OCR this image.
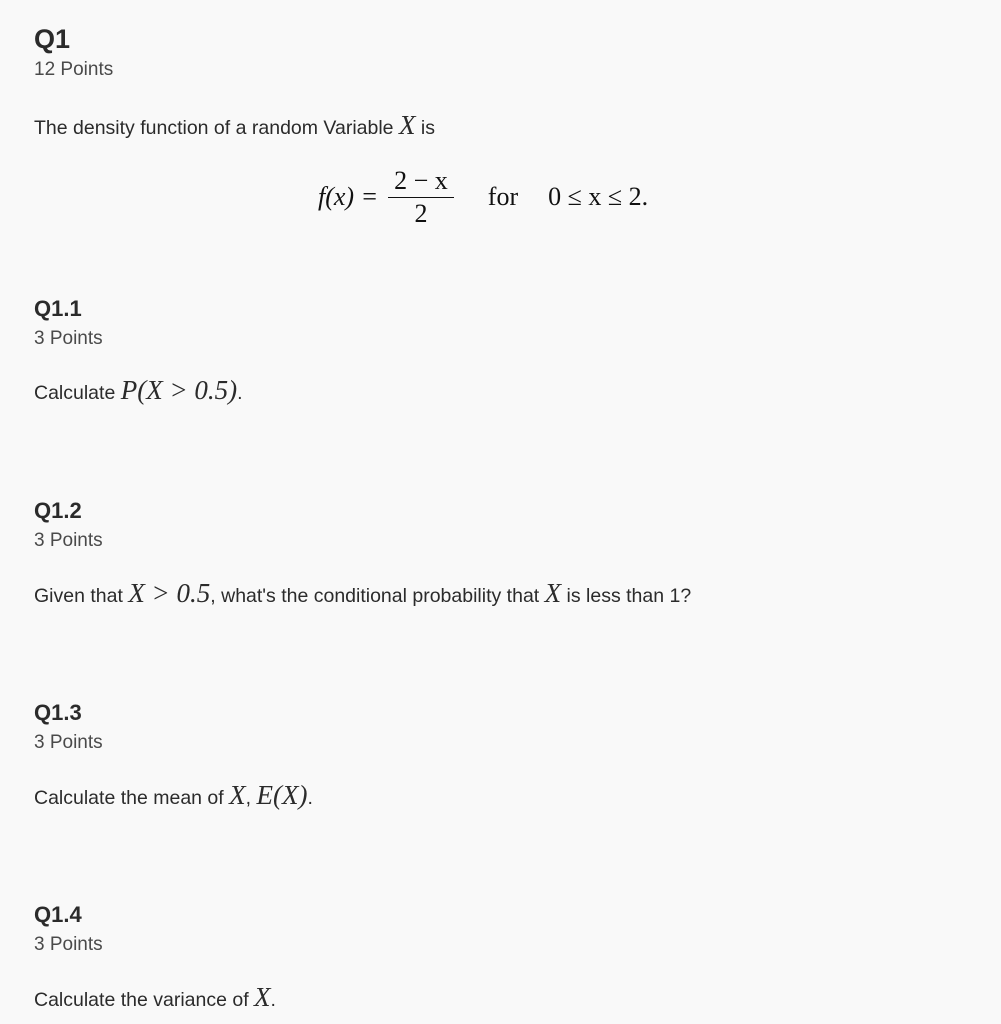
Q1
12 Points
The density function of a random Variable X is
$f(x) = \frac{2 - x}{2}$ for 0 ≤ x ≤ 2.
Q1.1
3 Points
Calculate P(X > 0.5).
Q1.2
3 Points
Given that X > 0.5, what's the conditional probability that X is less than 1?
Q1.3
3 Points
Calculate the mean of X, E(X).
Q1.4
3 Points
Calculate the variance of X.
